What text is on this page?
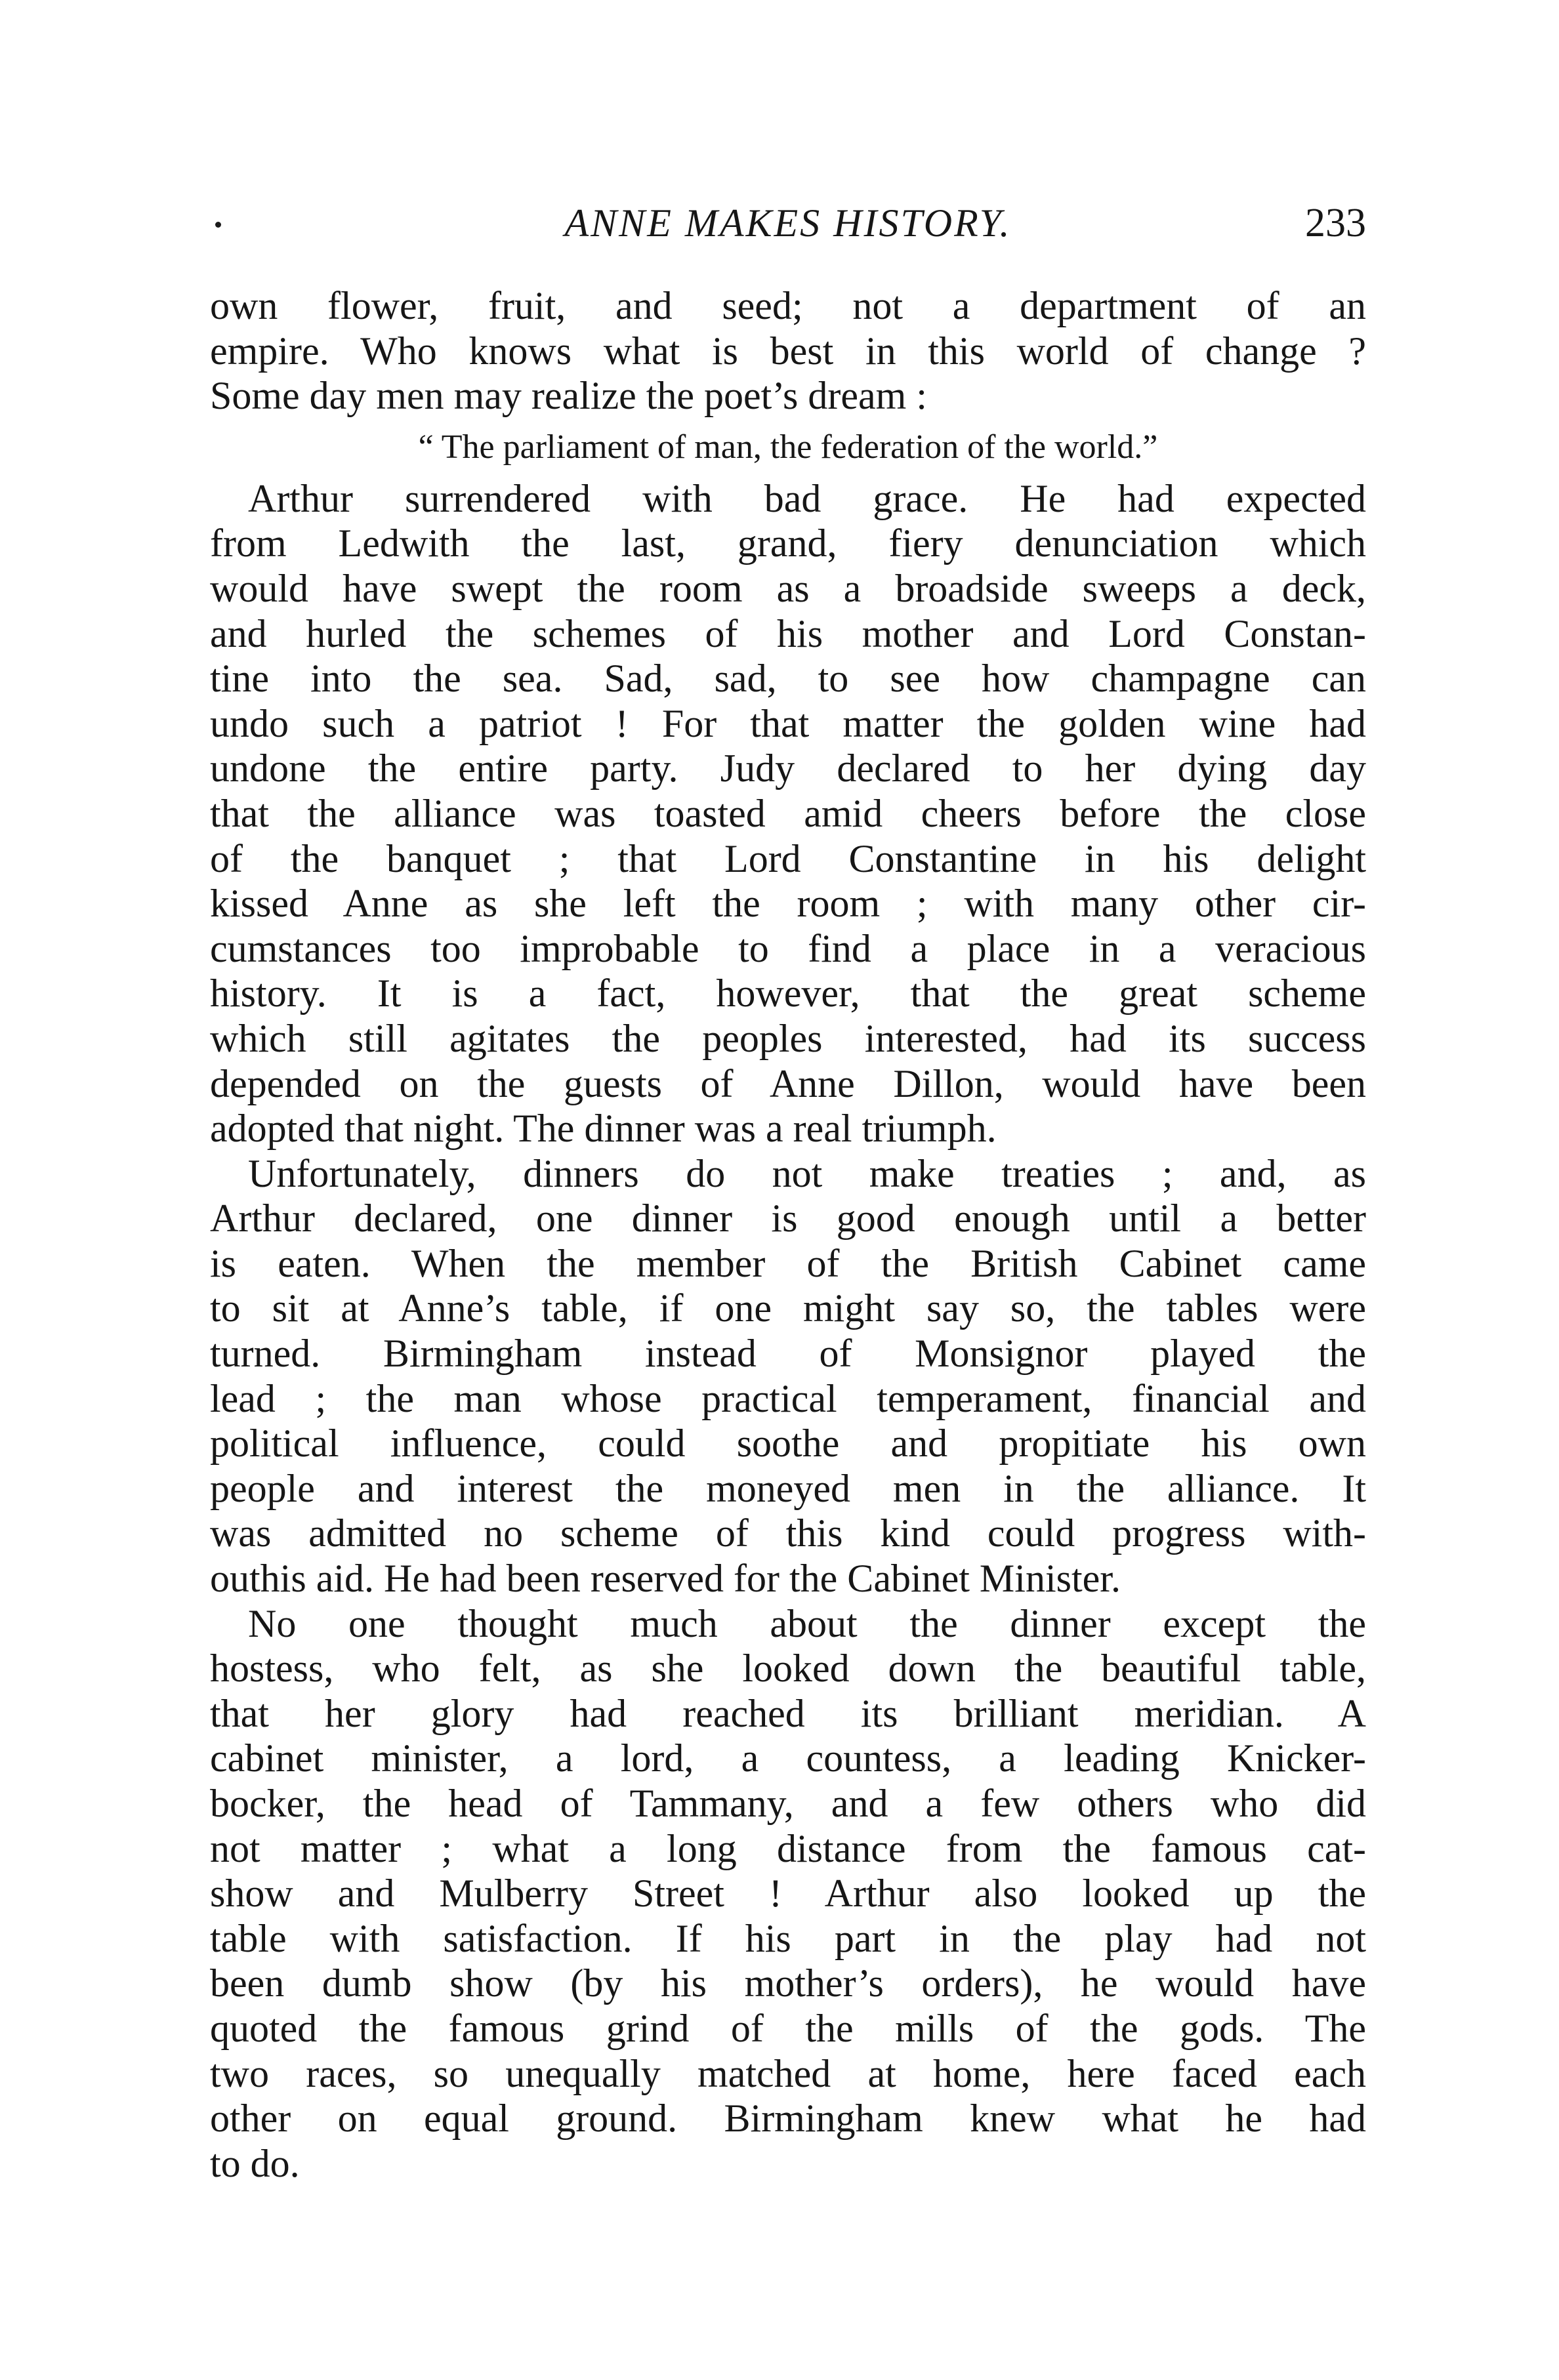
ANNE MAKES HISTORY.	233
own flower, fruit, and seed; not a department of an
empire. Who knows what is best in this world of change ?
Some day men may realize the poet’s dream :
“ The parliament of man, the federation of the world.”
Arthur surrendered with bad grace. He had expected
from Ledwith the last, grand, fiery denunciation which
would have swept the room as a broadside sweeps a deck,
and hurled the schemes of his mother and Lord Constan-
tine into the sea. Sad, sad, to see how champagne can
undo such a patriot ! For that matter the golden wine had
undone the entire party. Judy declared to her dying day
that the alliance was toasted amid cheers before the close
of the banquet ; that Lord Constantine in his delight
kissed Anne as she left the room ; with many other cir-
cumstances too improbable to find a place in a veracious
history. It is a fact, however, that the great scheme
which still agitates the peoples interested, had its success
depended on the guests of Anne Dillon, would have been
adopted that night. The dinner was a real triumph.
Unfortunately, dinners do not make treaties ; and, as
Arthur declared, one dinner is good enough until a better
is eaten. When the member of the British Cabinet came
to sit at Anne’s table, if one might say so, the tables were
turned. Birmingham instead of Monsignor played the
lead ; the man whose practical temperament, financial and
political influence, could soothe and propitiate his own
people and interest the moneyed men in the alliance. It
was admitted no scheme of this kind could progress with-
outhis aid. He had been reserved for the Cabinet Minister.
No one thought much about the dinner except the
hostess, who felt, as she looked down the beautiful table,
that her glory had reached its brilliant meridian. A
cabinet minister, a lord, a countess, a leading Knicker-
bocker, the head of Tammany, and a few others who did
not matter ; what a long distance from the famous cat-
show and Mulberry Street ! Arthur also looked up the
table with satisfaction. If his part in the play had not
been dumb show (by his mother’s orders), he would have
quoted the famous grind of the mills of the gods. The
two races, so unequally matched at home, here faced each
other on equal ground. Birmingham knew what he had
to do.
